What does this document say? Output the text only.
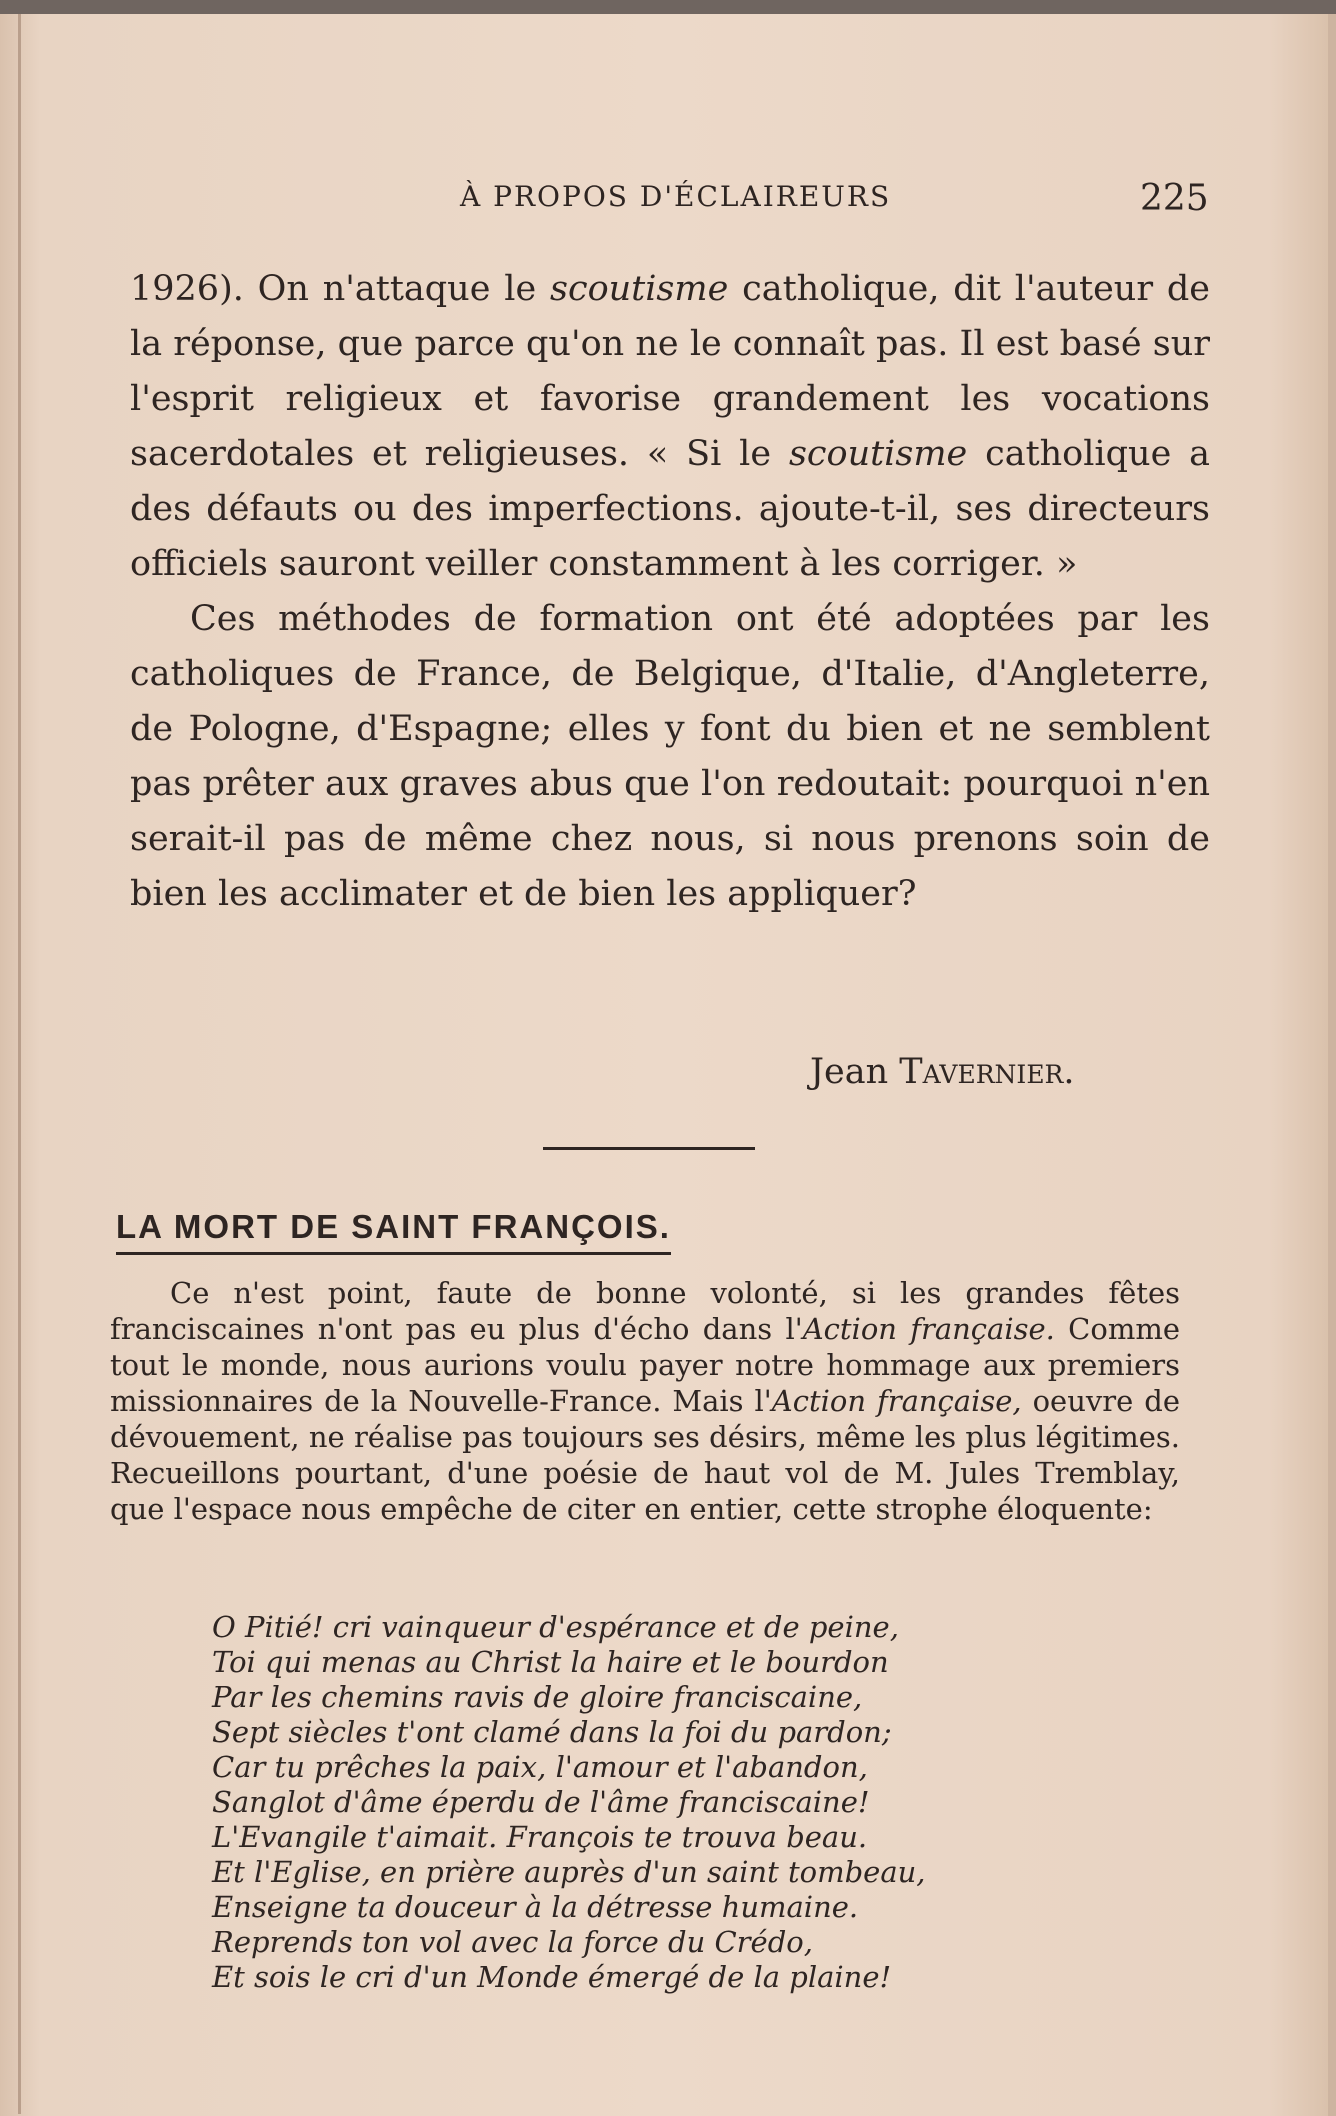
À PROPOS D'ÉCLAIREURS	225

1926). On n'attaque le scoutisme catholique, dit l'auteur de la réponse, que parce qu'on ne le connaît pas. Il est basé sur l'esprit religieux et favorise grandement les vocations sacerdotales et religieuses. « Si le scoutisme catholique a des défauts ou des imperfections. ajoute-t-il, ses directeurs officiels sauront veiller constamment à les corriger. »

Ces méthodes de formation ont été adoptées par les catholiques de France, de Belgique, d'Italie, d'Angleterre, de Pologne, d'Espagne; elles y font du bien et ne semblent pas prêter aux graves abus que l'on redoutait: pourquoi n'en serait-il pas de même chez nous, si nous prenons soin de bien les acclimater et de bien les appliquer?

Jean Tavernier.
LA MORT DE SAINT FRANÇOIS.

Ce n'est point, faute de bonne volonté, si les grandes fêtes franciscaines n'ont pas eu plus d'écho dans l'Action française. Comme tout le monde, nous aurions voulu payer notre hommage aux premiers missionnaires de la Nouvelle-France. Mais l'Action française, oeuvre de dévouement, ne réalise pas toujours ses désirs, même les plus légitimes. Recueillons pourtant, d'une poésie de haut vol de M. Jules Tremblay, que l'espace nous empêche de citer en entier, cette strophe éloquente:

O Pitié! cri vainqueur d'espérance et de peine,
Toi qui menas au Christ la haire et le bourdon
Par les chemins ravis de gloire franciscaine,
Sept siècles t'ont clamé dans la foi du pardon;
Car tu prêches la paix, l'amour et l'abandon,
Sanglot d'âme éperdu de l'âme franciscaine!
L'Evangile t'aimait. François te trouva beau.
Et l'Eglise, en prière auprès d'un saint tombeau,
Enseigne ta douceur à la détresse humaine.
Reprends ton vol avec la force du Crédo,
Et sois le cri d'un Monde émergé de la plaine!
